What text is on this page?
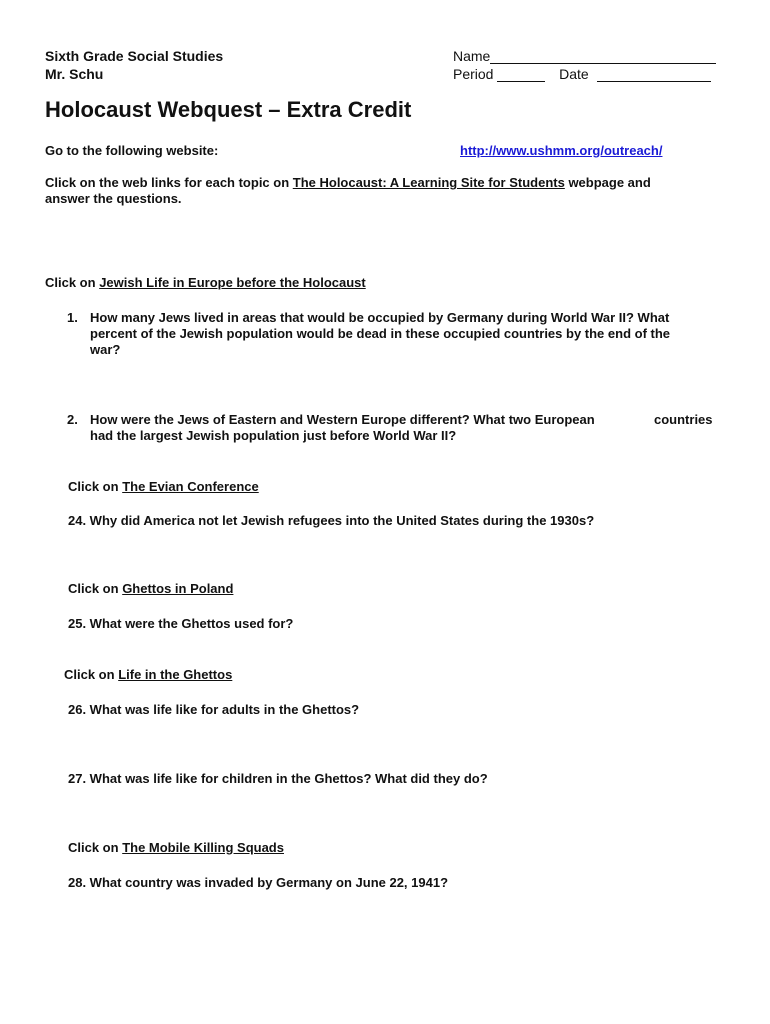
Sixth Grade Social Studies
Mr. Schu
Name
Period	Date
Holocaust Webquest – Extra Credit
Go to the following website:	http://www.ushmm.org/outreach/
Click on the web links for each topic on The Holocaust: A Learning Site for Students webpage and
answer the questions.
Click on Jewish Life in Europe before the Holocaust
1. How many Jews lived in areas that would be occupied by Germany during World War II? What
percent of the Jewish population would be dead in these occupied countries by the end of the
war?
2. How were the Jews of Eastern and Western Europe different? What two European	countries
had the largest Jewish population just before World War II?
Click on The Evian Conference
24. Why did America not let Jewish refugees into the United States during the 1930s?
Click on Ghettos in Poland
25. What were the Ghettos used for?
Click on Life in the Ghettos
26. What was life like for adults in the Ghettos?
27. What was life like for children in the Ghettos? What did they do?
Click on The Mobile Killing Squads
28. What country was invaded by Germany on June 22, 1941?
